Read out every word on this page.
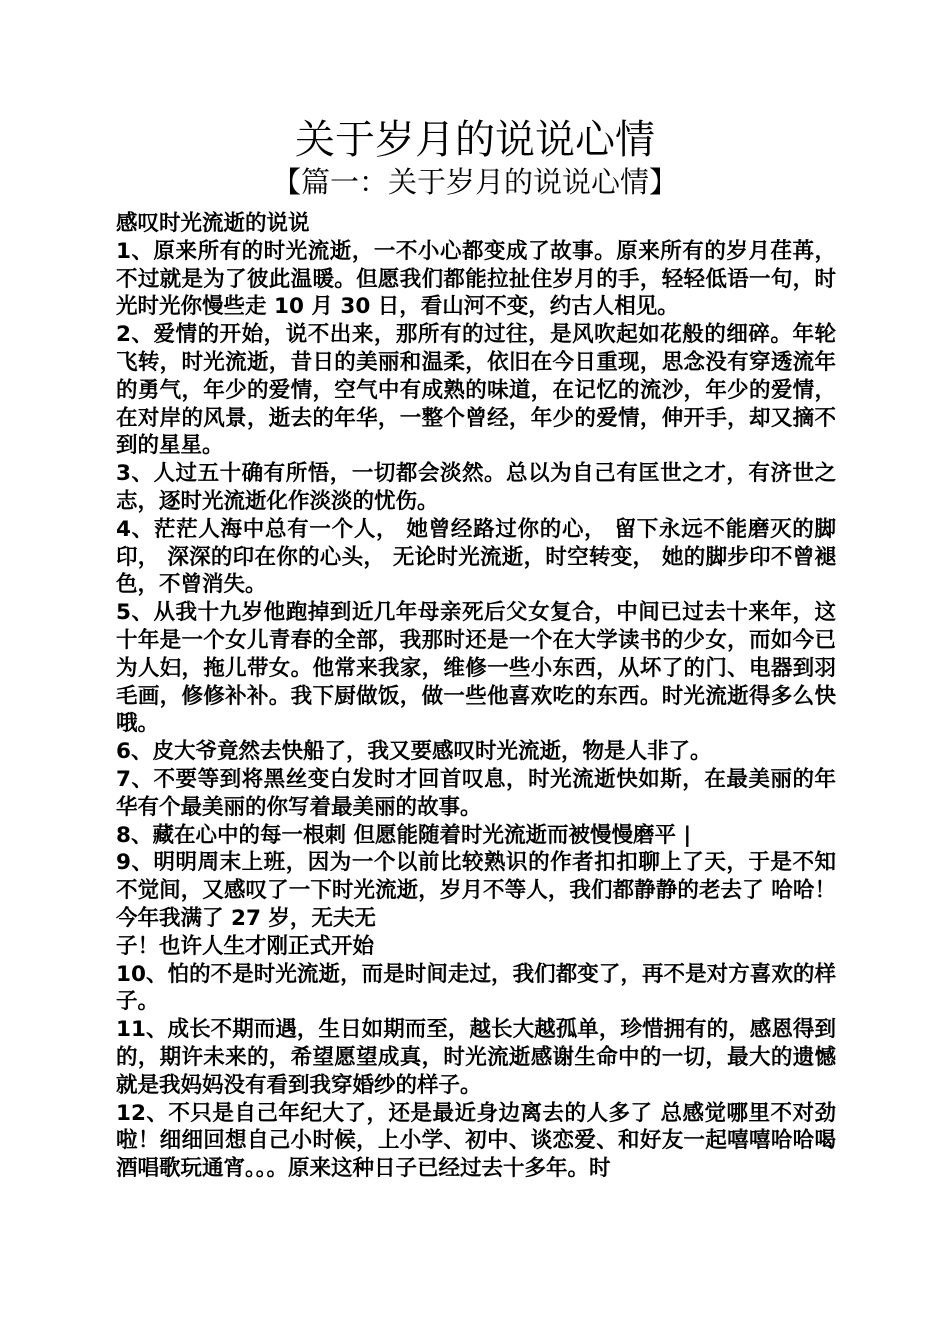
关于岁月的说说心情
【篇一：关于岁月的说说心情】

感叹时光流逝的说说

1、原来所有的时光流逝，一不小心都变成了故事。原来所有的岁月荏苒，不过就是为了彼此温暖。但愿我们都能拉扯住岁月的手，轻轻低语一句，时光时光你慢些走 10 月 30 日，看山河不变，约古人相见。

2、爱情的开始，说不出来，那所有的过往，是风吹起如花般的细碎。年轮飞转，时光流逝，昔日的美丽和温柔，依旧在今日重现，思念没有穿透流年的勇气，年少的爱情，空气中有成熟的味道，在记忆的流沙，年少的爱情，在对岸的风景，逝去的年华，一整个曾经，年少的爱情，伸开手，却又摘不到的星星。

3、人过五十确有所悟，一切都会淡然。总以为自己有匡世之才，有济世之志，逐时光流逝化作淡淡的忧伤。

4、茫茫人海中总有一个人， 她曾经路过你的心， 留下永远不能磨灭的脚印， 深深的印在你的心头， 无论时光流逝，时空转变， 她的脚步印不曾褪色，不曾消失。

5、从我十九岁他跑掉到近几年母亲死后父女复合，中间已过去十来年，这十年是一个女儿青春的全部，我那时还是一个在大学读书的少女，而如今已为人妇，拖儿带女。他常来我家，维修一些小东西，从坏了的门、电器到羽毛画，修修补补。我下厨做饭，做一些他喜欢吃的东西。时光流逝得多么快哦。

6、皮大爷竟然去快船了，我又要感叹时光流逝，物是人非了。

7、不要等到将黑丝变白发时才回首叹息，时光流逝快如斯，在最美丽的年华有个最美丽的你写着最美丽的故事。

8、藏在心中的每一根刺 但愿能随着时光流逝而被慢慢磨平 |

9、明明周末上班，因为一个以前比较熟识的作者扣扣聊上了天，于是不知不觉间，又感叹了一下时光流逝，岁月不等人，我们都静静的老去了 哈哈！今年我满了 27 岁，无夫无

子！也许人生才刚正式开始

10、怕的不是时光流逝，而是时间走过，我们都变了，再不是对方喜欢的样子。

11、成长不期而遇，生日如期而至，越长大越孤单，珍惜拥有的，感恩得到的，期许未来的，希望愿望成真，时光流逝感谢生命中的一切，最大的遗憾就是我妈妈没有看到我穿婚纱的样子。

12、不只是自己年纪大了，还是最近身边离去的人多了 总感觉哪里不对劲啦！细细回想自己小时候，上小学、初中、谈恋爱、和好友一起嘻嘻哈哈喝酒唱歌玩通宵。。。原来这种日子已经过去十多年。时
